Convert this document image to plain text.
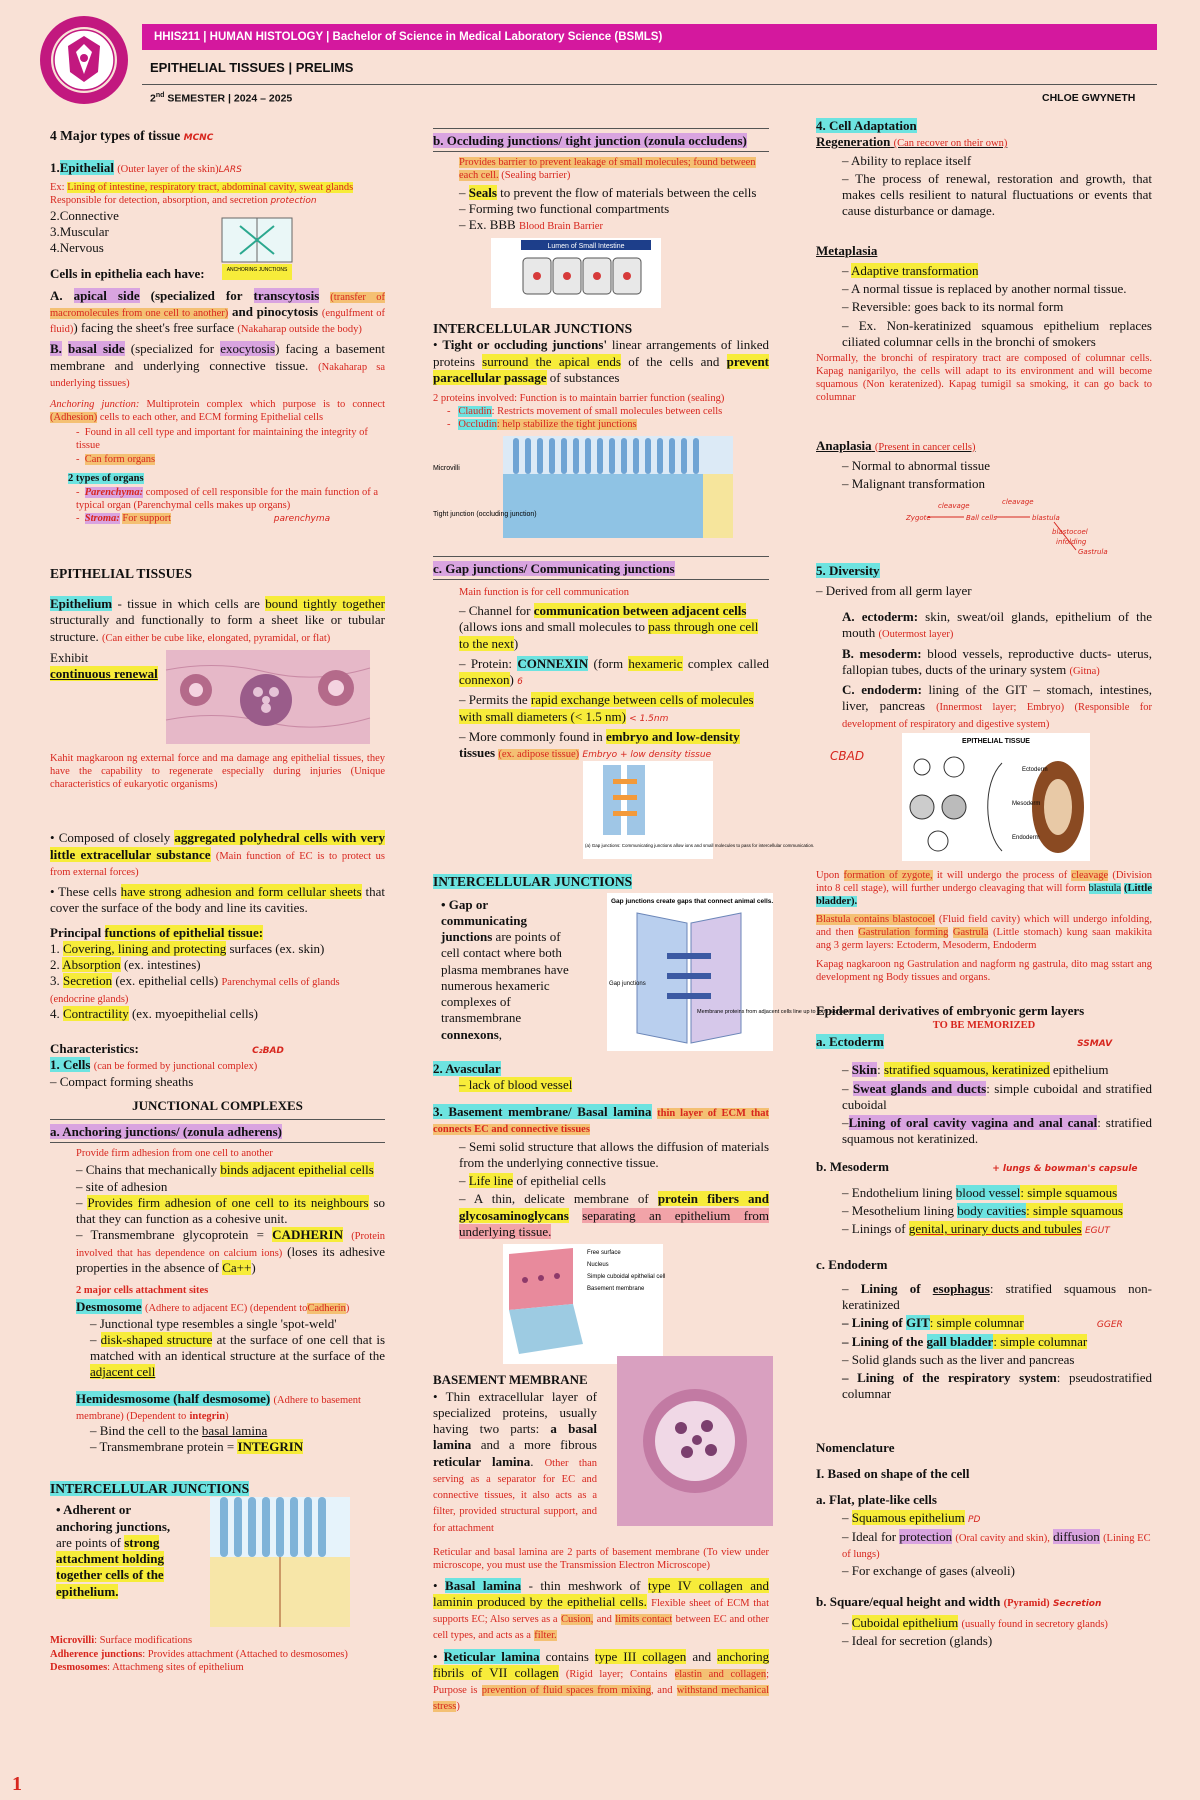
HHIS211 | HUMAN HISTOLOGY | Bachelor of Science in Medical Laboratory Science (BSMLS)
EPITHELIAL TISSUES | PRELIMS
2nd SEMESTER | 2024 – 2025	CHLOE GWYNETH

4 Major types of tissue MCNC

1.Epithelial (Outer layer of the skin)LARS

Ex: Lining of intestine, respiratory tract, abdominal cavity, sweat glands

Responsible for detection, absorption, and secretion protection

2.Connective

3.Muscular

4.Nervous

ANCHORING JUNCTIONS

Cells in epithelia each have:

A. apical side (specialized for transcytosis (transfer of macromolecules from one cell to another) and pinocytosis (engulfment of fluid)) facing the sheet's free surface (Nakaharap outside the body)

B. basal side (specialized for exocytosis) facing a basement membrane and underlying connective tissue. (Nakaharap sa underlying tissues)

Anchoring junction: Multiprotein complex which purpose is to connect (Adhesion) cells to each other, and ECM forming Epithelial cells

-  Found in all cell type and important for maintaining the integrity of tissue

-  Can form organs

2 types of organs

-  Parenchyma: composed of cell responsible for the main function of a typical organ (Parenchymal cells makes up organs)

-  Stroma: For support	parenchyma

EPITHELIAL TISSUES

Epithelium - tissue in which cells are bound tightly together structurally and functionally to form a sheet like or tubular structure. (Can either be cube like, elongated, pyramidal, or flat)

Exhibit

continuous renewal

Kahit magkaroon ng external force and ma damage ang epithelial tissues, they have the capability to regenerate especially during injuries (Unique characteristics of eukaryotic organisms)

• Composed of closely aggregated polyhedral cells with very little extracellular substance (Main function of EC is to protect us from external forces)

• These cells have strong adhesion and form cellular sheets that cover the surface of the body and line its cavities.

Principal functions of epithelial tissue:

1. Covering, lining and protecting surfaces (ex. skin)

2. Absorption (ex. intestines)

3. Secretion (ex. epithelial cells) Parenchymal cells of glands (endocrine glands)

4. Contractility (ex. myoepithelial cells)

Characteristics:	C₂BAD

1. Cells (can be formed by junctional complex)

– Compact forming sheaths

JUNCTIONAL COMPLEXES

a. Anchoring junctions/ (zonula adherens)

Provide firm adhesion from one cell to another

– Chains that mechanically binds adjacent epithelial cells

– site of adhesion

– Provides firm adhesion of one cell to its neighbours so that they can function as a cohesive unit.

– Transmembrane glycoprotein = CADHERIN (Protein involved that has dependence on calcium ions) (loses its adhesive properties in the absence of Ca++)

2 major cells attachment sites

Desmosome (Adhere to adjacent EC) (dependent toCadherin)

– Junctional type resembles a single 'spot-weld'

– disk-shaped structure at the surface of one cell that is matched with an identical structure at the surface of the adjacent cell

Hemidesmosome (half desmosome) (Adhere to basement membrane) (Dependent to integrin)

– Bind the cell to the basal lamina

– Transmembrane protein = INTEGRIN

INTERCELLULAR JUNCTIONS

• Adherent or anchoring junctions, are points of strong attachment holding together cells of the epithelium.

Microvilli: Surface modifications

Adherence junctions: Provides attachment (Attached to desmosomes)

Desmosomes: Attachmeng sites of epithelium

b. Occluding junctions/ tight junction (zonula occludens)

Provides barrier to prevent leakage of small molecules; found between each cell. (Sealing barrier)

– Seals to prevent the flow of materials between the cells

– Forming two functional compartments

– Ex. BBB Blood Brain Barrier

Lumen of Small Intestine

INTERCELLULAR JUNCTIONS

• Tight or occluding junctions' linear arrangements of linked proteins surround the apical ends of the cells and prevent paracellular passage of substances

2 proteins involved: Function is to maintain barrier function (sealing)

-   Claudin: Restricts movement of small molecules between cells

-   Occludin: help stabilize the tight junctions

Microvilli
Tight junction (occluding junction)

c. Gap junctions/ Communicating junctions

Main function is for cell communication

– Channel for communication between adjacent cells (allows ions and small molecules to pass through one cell to the next)

– Protein: CONNEXIN (form hexameric complex called connexon) 6

– Permits the rapid exchange between cells of molecules with small diameters (< 1.5 nm) < 1.5nm

– More commonly found in embryo and low-density tissues (ex. adipose tissue) Embryo + low density tissue

(a) Gap junctions: Communicating junctions allow ions and small molecules to pass for intercellular communication.

INTERCELLULAR JUNCTIONS

• Gap or communicating junctions are points of cell contact where both plasma membranes have numerous hexameric complexes of transmembrane connexons,

Gap junctions create gaps that connect animal cells.
Gap junctions
Membrane proteins from adjacent cells line up to form a channel

2. Avascular

– lack of blood vessel

3. Basement membrane/ Basal lamina thin layer of ECM that connects EC and connective tissues

– Semi solid structure that allows the diffusion of materials from the underlying connective tissue.

– Life line of epithelial cells

– A thin, delicate membrane of protein fibers and glycosaminoglycans separating an epithelium from underlying tissue.

Free surface
Nucleus
Simple cuboidal epithelial cell
Basement membrane

BASEMENT MEMBRANE

• Thin extracellular layer of specialized proteins, usually having two parts: a basal lamina and a more fibrous reticular lamina. Other than serving as a separator for EC and connective tissues, it also acts as a filter, provided structural support, and for attachment

Reticular and basal lamina are 2 parts of basement membrane (To view under microscope, you must use the Transmission Electron Microscope)

• Basal lamina - thin meshwork of type IV collagen and laminin produced by the epithelial cells. Flexible sheet of ECM that supports EC; Also serves as a Cusion, and limits contact between EC and other cell types, and acts as a filter.

• Reticular lamina contains type III collagen and anchoring fibrils of VII collagen (Rigid layer; Contains elastin and collagen; Purpose is prevention of fluid spaces from mixing, and withstand mechanical stress)

4. Cell Adaptation

Regeneration (Can recover on their own)

– Ability to replace itself

– The process of renewal, restoration and growth, that makes cells resilient to natural fluctuations or events that cause disturbance or damage.

Metaplasia

– Adaptive transformation

– A normal tissue is replaced by another normal tissue.

– Reversible: goes back to its normal form

– Ex. Non-keratinized squamous epithelium replaces ciliated columnar cells in the bronchi of smokers

Normally, the bronchi of respiratory tract are composed of columnar cells. Kapag nanigarilyo, the cells will adapt to its environment and will become squamous (Non keratenized). Kapag tumigil sa smoking, it can go back to columnar

Anaplasia (Present in cancer cells)

– Normal to abnormal tissue

– Malignant transformation

Zygote
cleavage
Ball cells
cleavage
blastula
blastocoel
infolding
Gastrula

5. Diversity

– Derived from all germ layer

A. ectoderm: skin, sweat/oil glands, epithelium of the mouth (Outermost layer)

B. mesoderm: blood vessels, reproductive ducts- uterus, fallopian tubes, ducts of the urinary system (Gitna)

C. endoderm: lining of the GIT – stomach, intestines, liver, pancreas (Innermost layer; Embryo) (Responsible for development of respiratory and digestive system)

CBAD
EPITHELIAL TISSUE
Ectoderm
Mesoderm
Endoderm

Upon formation of zygote, it will undergo the process of cleavage (Division into 8 cell stage), will further undergo cleavaging that will form blastula (Little bladder).

Blastula contains blastocoel (Fluid field cavity) which will undergo infolding, and then Gastrulation forming Gastrula (Little stomach) kung saan makikita ang 3 germ layers: Ectoderm, Mesoderm, Endoderm

Kapag nagkaroon ng Gastrulation and nagform ng gastrula, dito mag sstart ang development ng Body tissues and organs.

Epidermal derivatives of embryonic germ layers

TO BE MEMORIZED

a. Ectoderm	SSMAV

– Skin: stratified squamous, keratinized epithelium

– Sweat glands and ducts: simple cuboidal and stratified cuboidal

–Lining of oral cavity vagina and anal canal: stratified squamous not keratinized.

b. Mesoderm	+ lungs & bowman's capsule

– Endothelium lining blood vessel: simple squamous

– Mesothelium lining body cavities: simple squamous

– Linings of genital, urinary ducts and tubules EGUT

c. Endoderm

– Lining of esophagus: stratified squamous non-keratinized

– Lining of GIT: simple columnar	GGER

– Lining of the gall bladder: simple columnar

– Solid glands such as the liver and pancreas

– Lining of the respiratory system: pseudostratified columnar

Nomenclature

I. Based on shape of the cell

a. Flat, plate-like cells

– Squamous epithelium PD

– Ideal for protection (Oral cavity and skin), diffusion (Lining EC of lungs)

– For exchange of gases (alveoli)

b. Square/equal height and width (Pyramid) Secretion

– Cuboidal epithelium (usually found in secretory glands)

– Ideal for secretion (glands)

1
